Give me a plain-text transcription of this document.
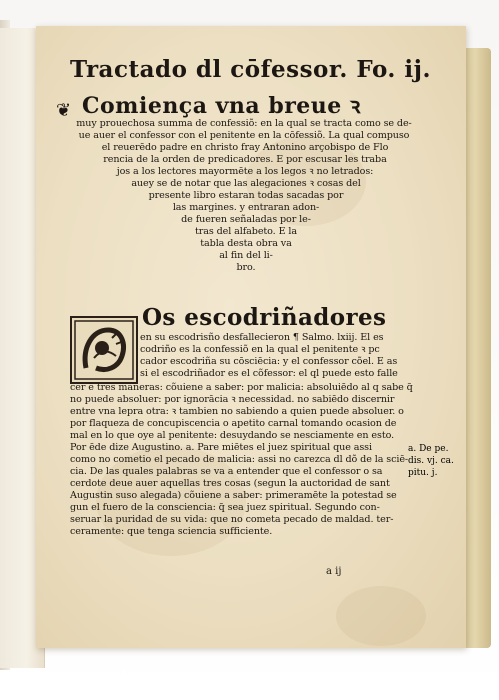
Tractado dl cōfessor. Fo. ij.
❦ Comiença vna breue ꝛ
muy prouechosa summa de confessiõ: en la qual se tracta como se de-
ue auer el confessor con el penitente en la cōfessiõ. La qual compuso
el reuerēdo padre en christo fray Antonino arçobispo de Flo
rencia de la orden de predicadores. E por escusar les traba
jos a los lectores mayormēte a los legos ꝛ no letrados:
auey se de notar que las alegaciones ꝛ cosas del
presente libro estaran todas sacadas por
las margines. y entraran adon-
de fueren señaladas por le-
tras del alfabeto. E la
tabla desta obra va
al fin del li-
bro.
Os escodriñadores
en su escodrisño desfallecieron ¶ Salmo. lxiij. El es
codriño es la confessiõ en la qual el penitente ꝛ pc
cador escodriña su cōsciēcia: y el confessor cõel. E as
si el escodriñador es el cõfessor: el ql puede esto falle
cer ē tres maneras: cõuiene a saber: por malicia: absoluiēdo al q sabe q̃
no puede absoluer: por ignorācia ꝛ necessidad. no sabiēdo discernir
entre vna lepra otra: ꝛ tambien no sabiendo a quien puede absoluer. o
por flaqueza de concupiscencia o apetito carnal tomando ocasion de
mal en lo que oye al penitente: desuydando se nesciamente en esto.
Por ēde dize Augustino. a. Pare miētes el juez spiritual que assi
como no cometio el pecado de malicia: assi no carezca dl dõ de la sciē-
cia. De las quales palabras se va a entender que el confessor o sa
cerdote deue auer aquellas tres cosas (segun la auctoridad de sant
Augustin suso alegada) cõuiene a saber: primeramēte la potestad se
gun el fuero de la consciencia: q̃ sea juez spiritual. Segundo con-
seruar la puridad de su vida: que no cometa pecado de maldad. ter-
ceramente: que tenga sciencia sufficiente.
a ij
a. De pe.
dis. vj. ca.
pitu. j.
